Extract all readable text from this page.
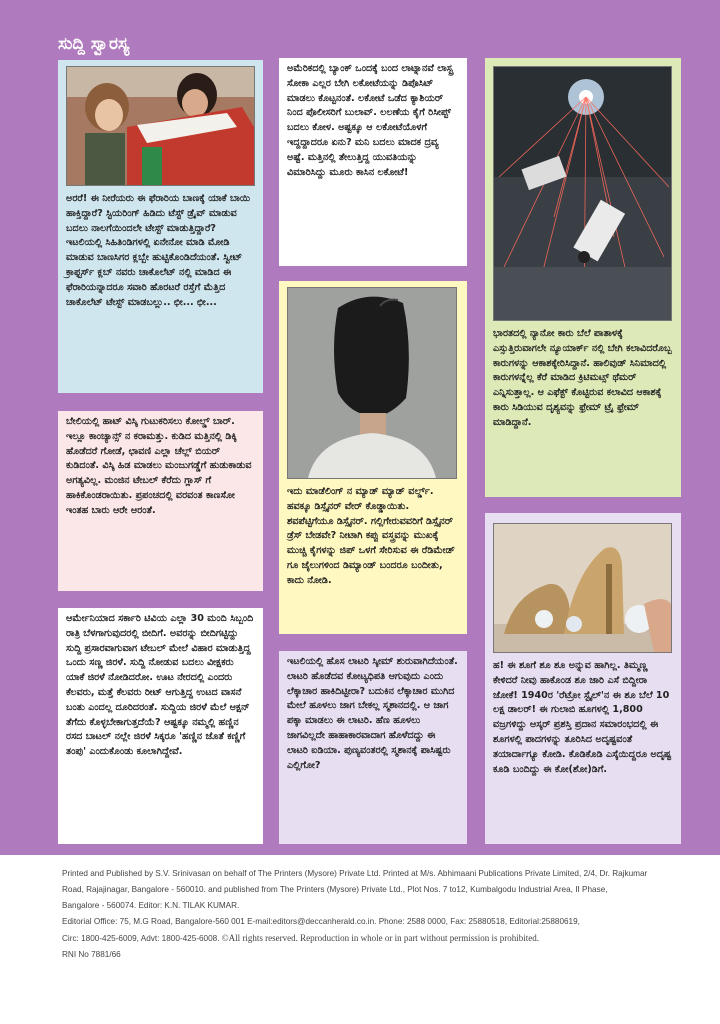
ಸುದ್ದಿ ಸ್ವಾರಸ್ಯ

ಅರರೆ! ಈ ನೀರೆಯರು ಈ ಫೆರಾರಿಯ ಬಾಣಕ್ಕೆ ಯಾಕೆ ಬಾಯಿ ಹಾಕ್ತಿದ್ದಾರೆ? ಸ್ಟಿಯರಿಂಗ್ ಹಿಡಿದು ಟೆಸ್ಟ್ ಡ್ರೈವ್ ಮಾಡುವ ಬದಲು ನಾಲಗೆಯಿಂದಲೇ ಟೇಸ್ಟ್ ಮಾಡುತ್ತಿದ್ದಾರೆ? ಇಟಲಿಯಲ್ಲಿ ಸಿಹಿತಿಂಡಿಗಳಲ್ಲಿ ಏನೇನೋ ಮಾಡಿ ಮೋಡಿ ಮಾಡುವ ಬಾಣಸಿಗರ ಕ್ಲಬ್ಬೇ ಹುಟ್ಟಿಕೊಂಡಿದೆಯಂತೆ. ಸ್ವೀಟ್ ಕ್ರಾಫ್ಟರ್ಸ್ ಕ್ಲಬ್ ನವರು ಚಾಕೊಲೆಟ್ ನಲ್ಲಿ ಮಾಡಿದ ಈ ಫೆರಾರಿಯನ್ನಾದರೂ ಸವಾರಿ ಹೊರಟರೆ ರಸ್ತೆಗೆ ಮೆತ್ತಿದ ಚಾಕೊಲೆಟ್ ಟೇಸ್ಟ್ ಮಾಡಬಲ್ಲು.. ಛೀ... ಛೀ...

ಅಮೆರಿಕದಲ್ಲಿ ಬ್ಯಾಂಕ್ ಒಂದಕ್ಕೆ ಬಂದ ಲಾಟ್ನಾನವೆ ಲಾಸ್ಟ್ರ ಸೋಕಾ ಎಲ್ಲರ ಬೇಗಿ ಲಕೋಟೆಯನ್ನು ಡಿಪೊಸಿಟ್ ಮಾಡಲು ಕೊಟ್ಟನಂತೆ. ಲಕೋಟೆ ಒಡೆದ ಕ್ಯಾಶಿಯರ್ ನಿಂದ ಪೊಲೀಸರಿಗೆ ಬುಲಾವ್. ಲಲಣೆಯ ಕೈಗೆ ರಿಸೀಪ್ಟ್ ಬದಲು ಕೋಳ. ಅಷ್ಟಕ್ಕೂ ಆ ಲಕೋಟೆಯೊಳಗೆ ಇದ್ದದ್ದಾದರೂ ಏನು? ಮನಿ ಬದಲು ಮಾದಕ ದ್ರವ್ಯ ಅಷ್ಟೆ. ಮತ್ತಿನಲ್ಲಿ ತೇಲುತ್ತಿದ್ದ ಯುವತಿಯನ್ನು ವಿಮಾರಿಸಿದ್ದು ಮೂರು ಕಾಸಿನ ಲಕೋಟೆ!

ಭಾರತದಲ್ಲಿ ನ್ಯಾನೋ ಕಾರು ಬೆಲೆ ಪಾತಾಳಕ್ಕೆ ಎಸ್ಸುತ್ತಿರುವಾಗಲೇ ನ್ಯೂಯಾರ್ಕ್ ನಲ್ಲಿ ಬೇಗಿ ಕಲಾವಿದರೊಬ್ಬ ಕಾರುಗಳನ್ನು ಆಕಾಶಕ್ಕೇರಿಸಿದ್ದಾನೆ. ಹಾಲಿವುಡ್ ಸಿನಿಮಾದಲ್ಲಿ ಕಾರುಗಳನ್ನೆಲ್ಲ ಕೆರೆ ಮಾಡಿದ ಕ್ರಿಟಿಮಟ್ಸ್ ಥೆಮರ್ ಎನ್ನಿಸುತ್ತಾಲ್ಲ. ಆ ಎಫೆಕ್ಟ್ ಕೊಟ್ಟಿರುವ ಕಲಾವಿದ ಆಕಾಶಕ್ಕೆ ಕಾರು ಸಿಡಿಯುವ ದೃಶ್ಯವನ್ನು ಫ್ರೇಮ್ ಟ್ರೈ ಫ್ರೇಮ್ ಮಾಡಿದ್ದಾನೆ.

ಬೇಲಿಯಲ್ಲಿ ಹಾಟ್ ವಿಸ್ಕಿ ಗುಟುಕರಿಸಲು ಕೋಲ್ಡ್ ಬಾರ್. ಇಲ್ಲೂ ಕಾಂಚ್ಯಾನ್ಸ್ ನ ಕರಾಮತ್ತು. ಕುಡಿದ ಮತ್ತಿನಲ್ಲಿ ಡಿಕ್ಕಿ ಹೊಡೆದರೆ ಗೋಡೆ, ಛಾವಣಿ ಎಲ್ಲಾ ಚೆಲ್ಲ್ ಬಿಯರ್ ಕುಡಿದಂತೆ. ವಿಸ್ಕಿ ಹಿಡ ಮಾಡಲು ಮಂಜುಗಡ್ಡೆಗೆ ಹುಡುಕಾಡುವ ಅಗತ್ಯವಿಲ್ಲ. ಮಂಜಿನ ಟೇಬಲ್ ಕೆರೆದು ಗ್ಲಾಸ್ ಗೆ ಹಾಕಿಕೊಂಡರಾಯಿತು. ಪ್ರಪಂಚದಲ್ಲಿ ವರವಂತ ಕಾಣಸೋ ಇಂತಹ ಬಾರು ಆರೇ ಆರಂತೆ.

ಇದು ಮಾಡೆಲಿಂಗ್ ನ ಮ್ಯಾಡ್ ಮ್ಯಾಡ್ ವರ್ಲ್ಡ್. ಹವಕ್ಕೂ ಡಿಸ್ಸೈನರ್ ವೇರ್ ಕೊಡ್ಡಾಯಿತು. ಶವಪೆಟ್ಟಿಗೆಯೂ ಡಿಸ್ಸೈನರ್. ಗಲ್ಲಿಗೇರುವವರಿಗೆ ಡಿಸ್ಸೈನರ್ ಡ್ರೆಸ್ ಬೇಡವೇ? ನೀಟಾಗಿ ಕಪ್ಪು ವಸ್ತ್ರವನ್ನು ಮುಖಕ್ಕೆ ಮುಚ್ಚಿ ಕೈಗಳನ್ನು ಜಿಪ್ ಒಳಗೆ ಸೇರಿಸುವ ಈ ರೆಡಿಮೇಡ್ ಗೂ ಜೈಲುಗಳಿಂದ ಡಿಮ್ಯಾಂಡ್ ಬಂದರೂ ಬಂದೀತು, ಕಾದು ನೋಡಿ.

ಆರ್ಮೇನಿಯಾದ ಸರ್ಕಾರಿ ಟಿವಿಯ ಎಲ್ಲಾ 30 ಮಂದಿ ಸಿಬ್ಬಂದಿ ರಾತ್ರಿ ಬೆಳಗಾಗುವುದರಲ್ಲಿ ಬೀದಿಗೆ. ಅವರನ್ನು ಬೀದಿಗಟ್ಟಿದ್ದು ಸುದ್ದಿ ಪ್ರಸಾರವಾಗುವಾಗ ಟೇಬಲ್ ಮೇಲೆ ವಿಹಾರ ಮಾಡುತ್ತಿದ್ದ ಒಂದು ಸಣ್ಣ ಜಿರಳೆ. ಸುದ್ದಿ ನೋಡುವ ಬದಲು ವೀಕ್ಷಕರು ಯಾಕೆ ಜಿರಳೆ ನೋಡಿದರೋ. ಊಟ ನೇರದಲ್ಲಿ ಎಂದರು ಕೆಲವರು, ಮತ್ತೆ ಕೆಲವರು ರೀಟ್ ಆಗುತ್ತಿದ್ದ ಉಟದ ವಾಸನೆ ಬಂತು ಎಂದಲ್ಲ ದೂರಿದರಂತೆ. ಸುದ್ದಿಯ ಜಿರಳೆ ಮೆಲೆ ಆಕ್ಷನ್ ತೆಗೆದು ಕೊಳ್ಳಬೇಕಾಗುತ್ತದೆಯೆ? ಆಷ್ಟಕ್ಕೂ ನಮ್ಮಲ್ಲಿ ಹಣ್ಣಿನ ರಸದ ಬಾಟಲ್ ನಲ್ಲೇ ಜಿರಳೆ ಸಿಕ್ಕರೂ 'ಹಣ್ಣಿನ ಜೊತೆ ಕಣ್ಣಿಗೆ ತಂಪು' ಎಂದುಕೊಂಡು ಕೂಲಾಗಿದ್ದೇವೆ.

ಇಟಲಿಯಲ್ಲಿ ಹೊಸ ಲಾಟರಿ ಸ್ಕೀಮ್ ಶುರುವಾಗಿದೆಯಂತೆ. ಲಾಟರಿ ಹೊಡೆದವ ಕೋಟ್ಯಧಿಪತಿ ಆಗುವುದು ಎಂದು ಲೆಕ್ಕಾಚಾರ ಹಾಕಿದಿಟ್ಟೀರಾ? ಬದುಕಿನ ಲೆಕ್ಕಾಚಾರ ಮುಗಿದ ಮೇಲೆ ಹೂಳಲು ಜಾಗ ಬೇಕಲ್ಲ ಸ್ಮಶಾನದಲ್ಲಿ. ಆ ಜಾಗ ಪಕ್ಕಾ ಮಾಡಲು ಈ ಲಾಟರಿ. ಹೆಣ ಹೂಳಲು ಜಾಗವಿಲ್ಲದೇ ಹಾಹಾಕಾರವಾದಾಗ ಹೊಳೆದದ್ದು ಈ ಲಾಟರಿ ಐಡಿಯಾ. ಪುಣ್ಯವಂತರಲ್ಲಿ ಸ್ಮಶಾನಕ್ಕೆ ಪಾಸಿಷ್ಟರು ಎಲ್ಲಿಗೋ?

ಹ! ಈ ಶೂಗೆ ಶೂ ಶೂ ಅನ್ನುವ ಹಾಗಿಲ್ಲ. ತಿಮ್ಮಣ್ಣ ಕೇಳಿದರೆ ನೀವು ಹಾಕೊಂಡ ಶೂ ಜಾರಿ ಎಸೆ ಬಿದ್ದೀರಾ ಜೋಕೆ! 1940ರ 'ರೆಟ್ರೋ ಸ್ಟೈಲ್'ನ ಈ ಶೂ ಬೆಲೆ 10 ಲಕ್ಷ ಡಾಲರ್! ಈ ಗುಲಾಬಿ ಹೂಗಳಲ್ಲಿ 1,800 ವಜ್ರಗಳಿದ್ದು ಆಸ್ಕರ್ ಪ್ರಶಸ್ತಿ ಪ್ರದಾನ ಸಮಾರಂಭದಲ್ಲಿ ಈ ಶೂಗಳಲ್ಲಿ ಪಾದಗಳನ್ನು ತೂರಿಸಿದ ಅದೃಷ್ಟವಂತೆ ತಯಾರ್ದಾಗ್ಯೂ ಕೋಡಿ. ಕೊಡಿಕೊಡಿ ಎಸ್ಕೆಯಿದ್ದರೂ ಅದೃಷ್ಟ ಕೂಡಿ ಬಂದಿದ್ದು ಈ ಕೋ(ಶೋ)ಡಿಗೆ.

Printed and Published by S.V. Srinivasan on behalf of The Printers (Mysore) Private Ltd. Printed at M/s. Abhimaani Publications Private Limited, 2/4, Dr. Rajkumar

Road, Rajajinagar, Bangalore - 560010. and published from The Printers (Mysore) Private Ltd., Plot Nos. 7 to12, Kumbalgodu Industrial Area, II Phase,

Bangalore - 560074. Editor: K.N. TILAK KUMAR.

Editorial Office: 75, M.G Road, Bangalore-560 001 E-mail:editors@deccanherald.co.in. Phone: 2588 0000, Fax: 25880518, Editorial:25880619,

Circ: 1800-425-6009, Advt: 1800-425-6008. ©All rights reserved. Reproduction in whole or in part without permission is prohibited.

RNI No 7881/66
